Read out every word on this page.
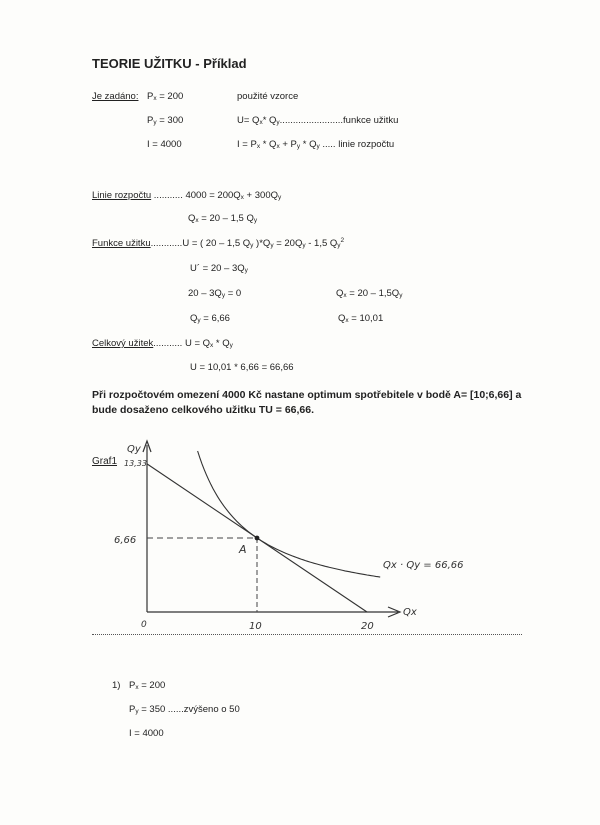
TEORIE UŽITKU - Příklad
Je zadáno: $P_x = 200$
$P_y = 300$
I = 4000
použité vzorce
$U= Q_x*$ $Q_y........................funkce$ užitku
$I = P_x * Q_x + P_y * Q_y$ ..... linie rozpočtu
Linie rozpočtu ........... $4000 = 200Q_x + 300Q_y$
$Q_x = 20 - 1,5$ $Q_y$
Funkce užitku............U = ( 20 – 1,5 $Q_y$ )$*Q_y = 20Q_y - 1,5$ $Q_y^2$
U´ = $20 - 3Q_y$
$20 - 3Q_y = 0$
$Q_y = 6,66$
$Q_x = 20 - 1,5Q_y$
$Q_x = 10,01$
Celkový užitek........... $U = Q_x * Q_y$
U = 10,01 * 6,66 = 66,66
Při rozpočtovém omezení 4000 Kč nastane optimum spotřebitele v bodě A= [10;6,66] a bude dosaženo celkového užitku TU = 66,66.
Graf1
Qy
13,33
6,66
A
Qx · Qy = 66,66
Qx
0	10	20
1) $P_x = 200$
$P_y = 350$ ......zvýšeno o 50
I = 4000
